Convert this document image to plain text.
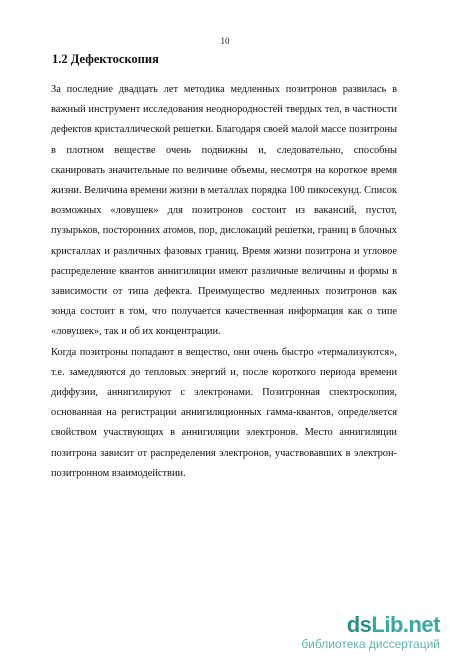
10
1.2 Дефектоскопия

За последние двадцать лет методика медленных позитронов развилась в важный инструмент исследования неоднородностей твердых тел, в частности дефектов кристаллической решетки. Благодаря своей малой массе позитроны в плотном веществе очень подвижны и, следовательно, способны сканировать значительные по величине объемы, несмотря на короткое время жизни. Величина времени жизни в металлах порядка 100 пикосекунд. Список возможных «ловушек» для позитронов состоит из вакансий, пустот, пузырьков, посторонних атомов, пор, дислокаций решетки, границ в блочных кристаллах и различных фазовых границ. Время жизни позитрона и угловое распределение квантов аннигиляции имеют различные величины и формы в зависимости от типа дефекта. Преимущество медленных позитронов как зонда состоит в том, что получается качественная информация как о типе «ловушек», так и об их концентрации.

Когда позитроны попадают в вещество, они очень быстро «термализуются», т.е. замедляются до тепловых энергий и, после короткого периода времени диффузии, аннигилируют с электронами. Позитронная спектроскопия, основанная на регистрации аннигиляционных гамма-квантов, определяется свойством участвующих в аннигиляции электронов. Место аннигиляции позитрона зависит от распределения электронов, участвовавших в электрон-позитронном взаимодействии.

dsLib.net
библиотека диссертаций
